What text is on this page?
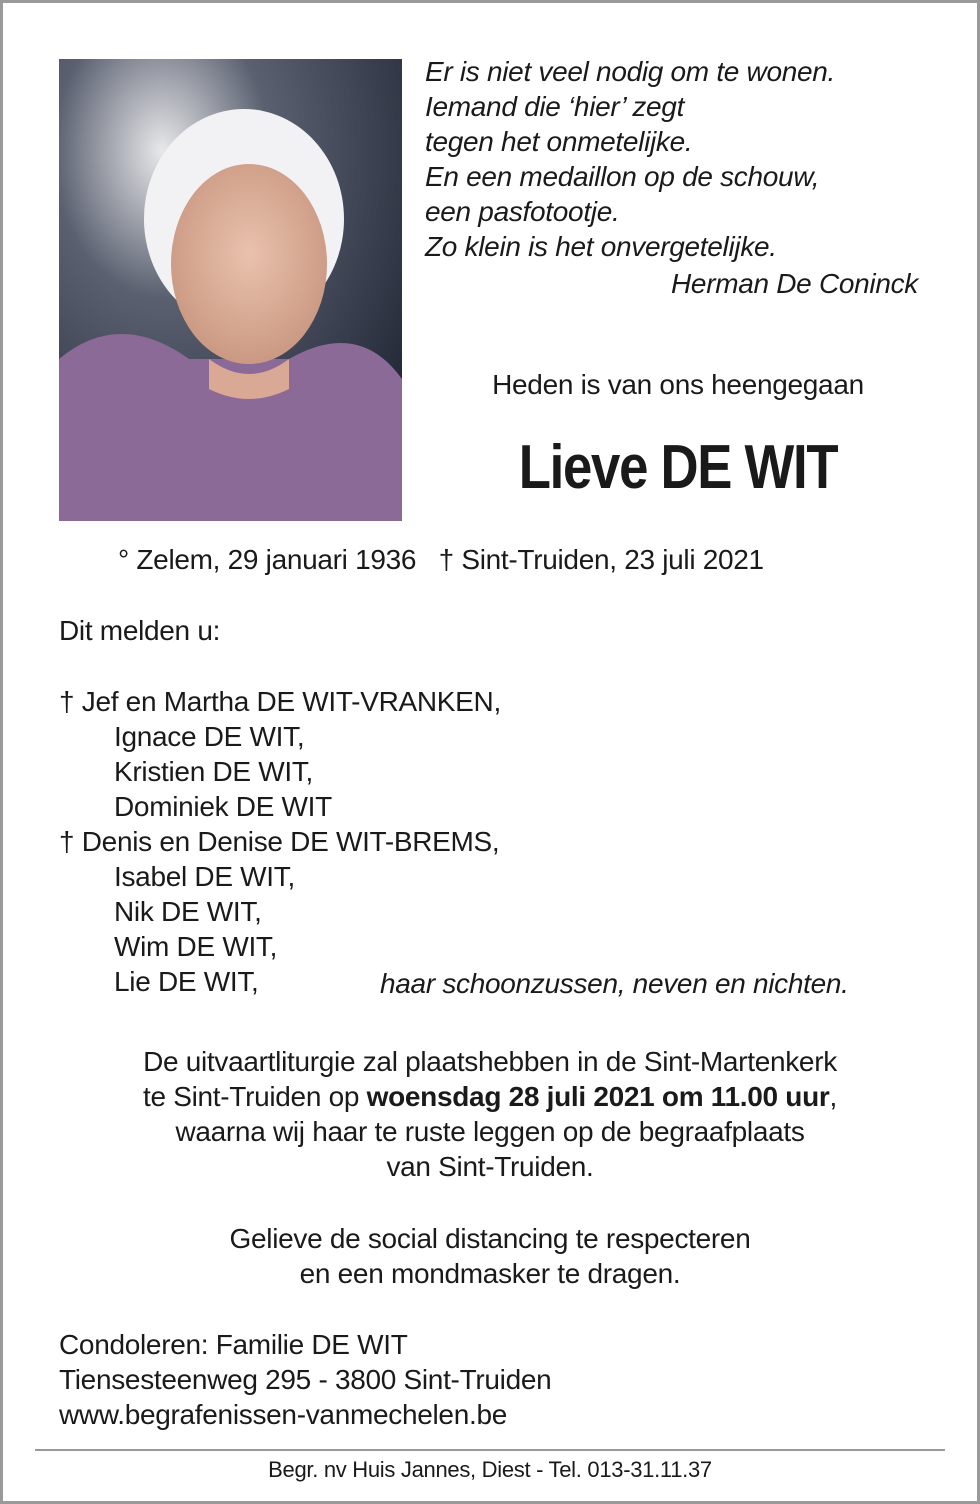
Er is niet veel nodig om te wonen.
Iemand die ‘hier’ zegt
tegen het onmetelijke.
En een medaillon op de schouw,
een pasfotootje.
Zo klein is het onvergetelijke.
Herman De Coninck
Heden is van ons heengegaan
Lieve DE WIT
° Zelem, 29 januari 1936   † Sint-Truiden, 23 juli 2021
Dit melden u:
† Jef en Martha DE WIT-VRANKEN,
Ignace DE WIT,
Kristien DE WIT,
Dominiek DE WIT
† Denis en Denise DE WIT-BREMS,
Isabel DE WIT,
Nik DE WIT,
Wim DE WIT,
Lie DE WIT,	haar schoonzussen, neven en nichten.
De uitvaartliturgie zal plaatshebben in de Sint-Martenkerk
te Sint-Truiden op woensdag 28 juli 2021 om 11.00 uur,
waarna wij haar te ruste leggen op de begraafplaats
van Sint-Truiden.
Gelieve de social distancing te respecteren
en een mondmasker te dragen.
Condoleren: Familie DE WIT
Tiensesteenweg 295 - 3800 Sint-Truiden
www.begrafenissen-vanmechelen.be
Begr. nv Huis Jannes, Diest - Tel. 013-31.11.37
